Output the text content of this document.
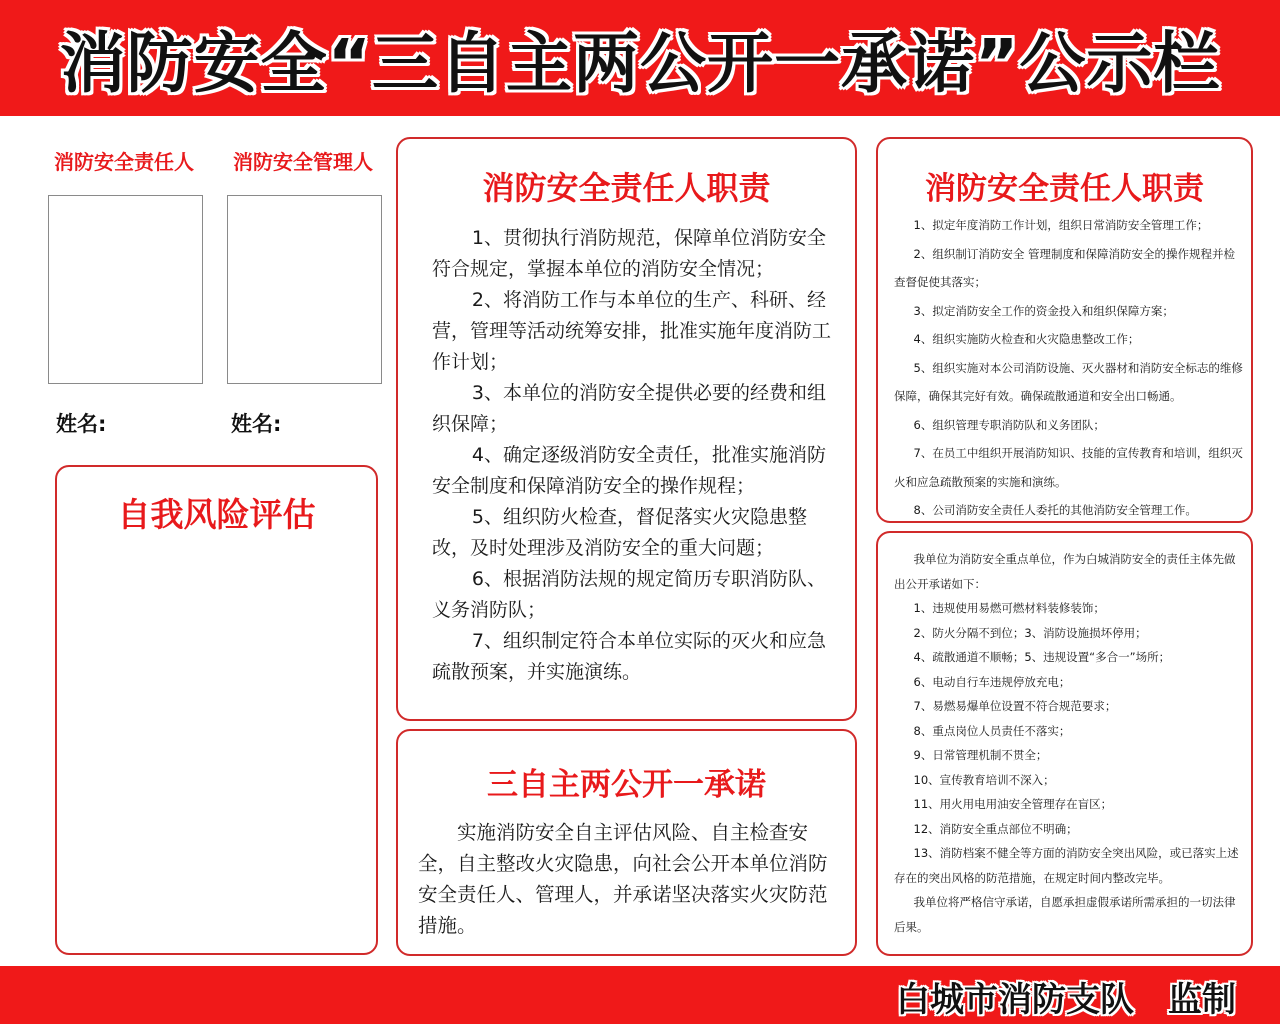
消防安全“三自主两公开一承诺”公示栏
消防安全责任人 消防安全管理人
姓名:	姓名:
自我风险评估
消防安全责任人职责

1、贯彻执行消防规范，保障单位消防安全符合规定，掌握本单位的消防安全情况；

2、将消防工作与本单位的生产、科研、经营，管理等活动统筹安排，批准实施年度消防工作计划；

3、本单位的消防安全提供必要的经费和组织保障；

4、确定逐级消防安全责任，批准实施消防安全制度和保障消防安全的操作规程；

5、组织防火检查，督促落实火灾隐患整改，及时处理涉及消防安全的重大问题；

6、根据消防法规的规定简历专职消防队、义务消防队；

7、组织制定符合本单位实际的灭火和应急疏散预案，并实施演练。

三自主两公开一承诺
实施消防安全自主评估风险、自主检查安全，自主整改火灾隐患，向社会公开本单位消防安全责任人、管理人，并承诺坚决落实火灾防范措施。
消防安全责任人职责

1、拟定年度消防工作计划，组织日常消防安全管理工作；

2、组织制订消防安全 管理制度和保障消防安全的操作规程并检查督促使其落实；

3、拟定消防安全工作的资金投入和组织保障方案；

4、组织实施防火检查和火灾隐患整改工作；

5、组织实施对本公司消防设施、灭火器材和消防安全标志的维修保障，确保其完好有效。确保疏散通道和安全出口畅通。

6、组织管理专职消防队和义务团队；

7、在员工中组织开展消防知识、技能的宣传教育和培训，组织灭火和应急疏散预案的实施和演练。

8、公司消防安全责任人委托的其他消防安全管理工作。

我单位为消防安全重点单位，作为白城消防安全的责任主体先做出公开承诺如下：

1、违规使用易燃可燃材料装修装饰；

2、防火分隔不到位；3、消防设施损坏停用；

4、疏散通道不顺畅；5、违规设置“多合一”场所；

6、电动自行车违规停放充电；

7、易燃易爆单位设置不符合规范要求；

8、重点岗位人员责任不落实；

9、日常管理机制不贯全；

10、宣传教育培训不深入；

11、用火用电用油安全管理存在盲区；

12、消防安全重点部位不明确；

13、消防档案不健全等方面的消防安全突出风险，或已落实上述存在的突出风格的防范措施，在规定时间内整改完毕。

我单位将严格信守承诺，自愿承担虚假承诺所需承担的一切法律后果。

白城市消防支队　监制
